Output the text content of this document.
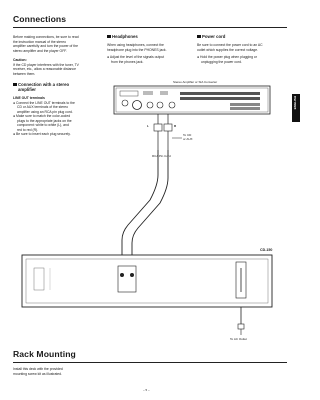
Connections
Before making connections, be sure to read
the instruction manual of the stereo
amplifier carefully and turn the power of the
stereo amplifier and the player OFF.
Caution:
If the CD player interferes with the tuner, TV
receiver, etc., allow a reasonable distance
between them.
Connection with a stereo
amplifier
LINE OUT terminals
● Connect the LINE OUT terminals to the
CD or AUX terminals of the stereo
amplifier using an RCA pin plug cord.
● Make sure to match the color-coded
plugs to the appropriate jacks on the
component: white to white (L), and
red to red (R).
● Be sure to insert each plug securely.
Headphones
When using headphones, connect the
headphone plug into the PHONES jack.
● Adjust the level of the signals output
from the phones jack.
Power cord
Be sure to connect the power cord to an AC
outlet which supplies the correct voltage.
● Hold the power plug when plugging or
unplugging the power cord.
ENGLISH
Stereo Amplifier or SIA Converter
L	R
To CD
or AUX
RCA Pin Cord
CD-150
To AC Outlet
Rack Mounting
Install this deck with the provided
mounting screw kit as illustrated.
– 5 –
